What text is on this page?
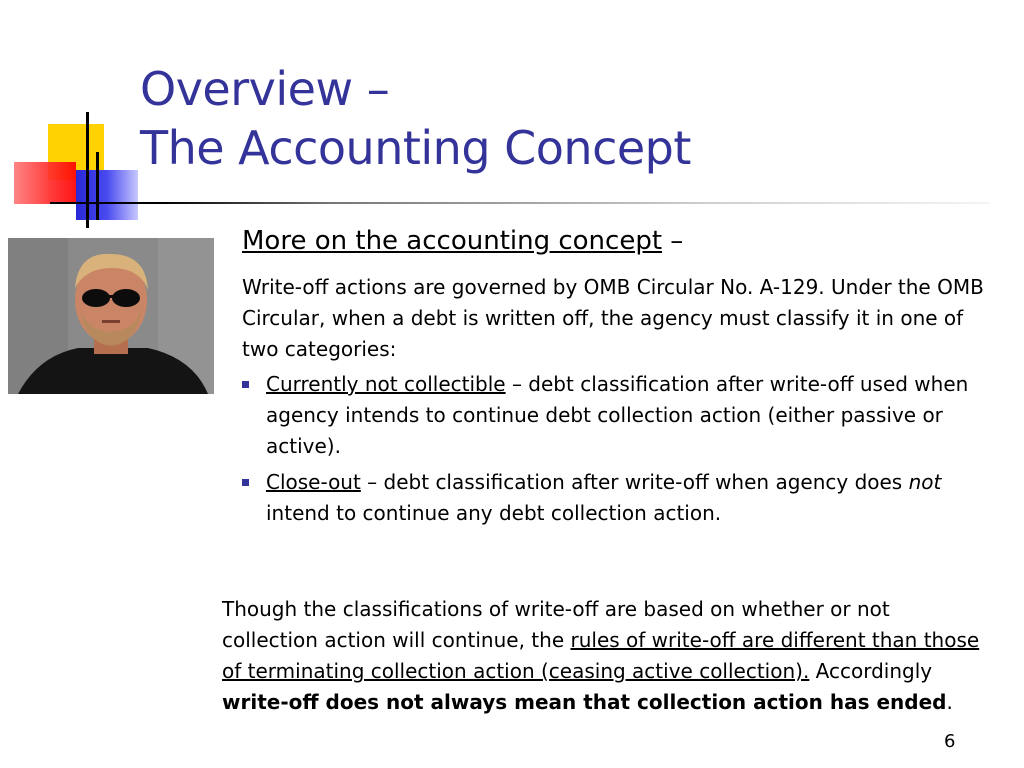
Overview –
The Accounting Concept

More on the accounting concept –

Write-off actions are governed by OMB Circular No. A-129. Under the OMB Circular, when a debt is written off, the agency must classify it in one of two categories:

Currently not collectible – debt classification after write-off used when agency intends to continue debt collection action (either passive or active).
Close-out – debt classification after write-off when agency does not intend to continue any debt collection action.

Though the classifications of write-off are based on whether or not collection action will continue, the rules of write-off are different than those of terminating collection action (ceasing active collection). Accordingly write-off does not always mean that collection action has ended.

6
